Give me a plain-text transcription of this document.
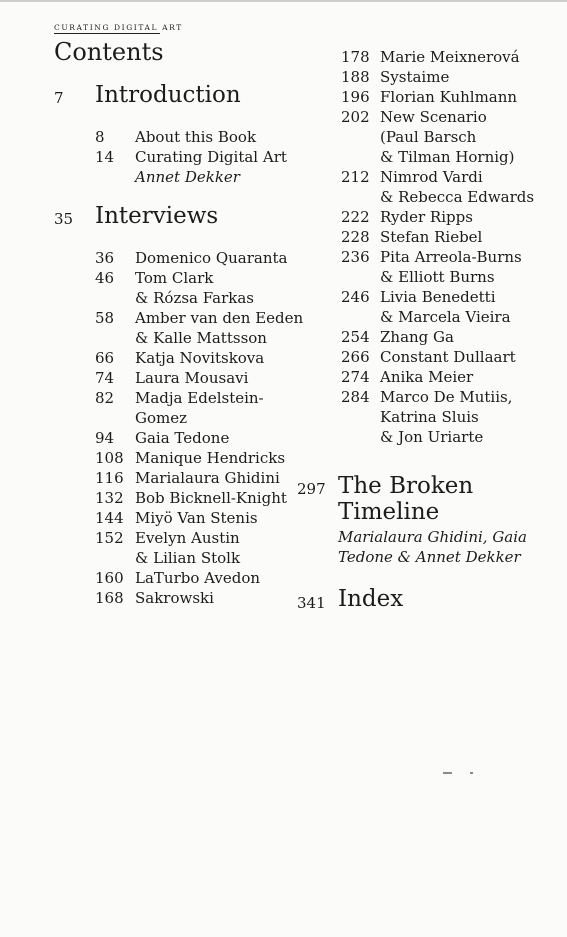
CURATING DIGITAL ART
Contents
7 Introduction
8 About this Book
14 Curating Digital Art
Annet Dekker
35 Interviews
36 Domenico Quaranta
46 Tom Clark
& Rózsa Farkas
58 Amber van den Eeden
& Kalle Mattsson
66 Katja Novitskova
74 Laura Mousavi
82 Madja Edelstein-
Gomez
94 Gaia Tedone
108 Manique Hendricks
116 Marialaura Ghidini
132 Bob Bicknell-Knight
144 Miyö Van Stenis
152 Evelyn Austin
& Lilian Stolk
160 LaTurbo Avedon
168 Sakrowski
178 Marie Meixnerová
188 Systaime
196 Florian Kuhlmann
202 New Scenario
(Paul Barsch
& Tilman Hornig)
212 Nimrod Vardi
& Rebecca Edwards
222 Ryder Ripps
228 Stefan Riebel
236 Pita Arreola-Burns
& Elliott Burns
246 Livia Benedetti
& Marcela Vieira
254 Zhang Ga
266 Constant Dullaart
274 Anika Meier
284 Marco De Mutiis,
Katrina Sluis
& Jon Uriarte
297 The Broken
Timeline
Marialaura Ghidini, Gaia
Tedone & Annet Dekker
341 Index
